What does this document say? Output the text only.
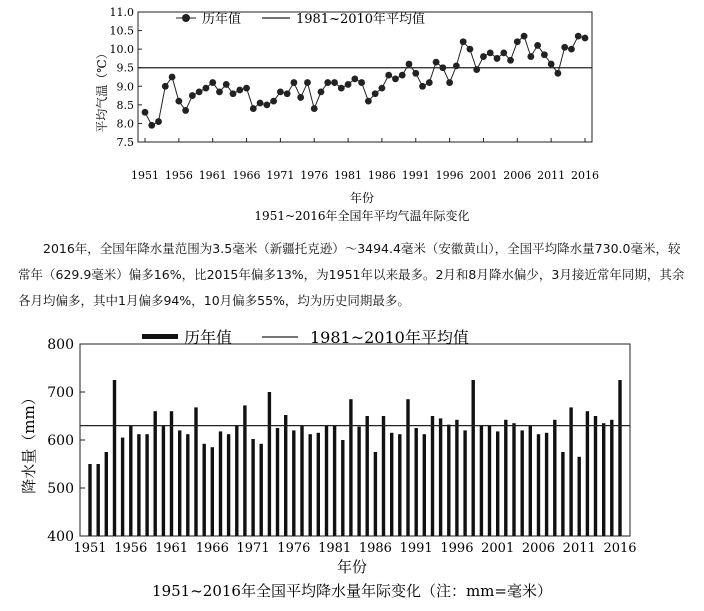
7.5
8.0
8.5
9.0
9.5
10.0
10.5
11.0
1951 1956 1961 1966 1971 1976 1981 1986 1991 1996 2001 2006 2011 2016
历年值	1981~2010年平均值
平均气温（℃）
年份
1951~2016年全国年平均气温年际变化

2016年，全国年降水量范围为3.5毫米（新疆托克逊）～3494.4毫米（安徽黄山），全国平均降水量730.0毫米，较常年（629.9毫米）偏多16%，比2015年偏多13%，为1951年以来最多。2月和8月降水偏少，3月接近常年同期，其余各月均偏多，其中1月偏多94%，10月偏多55%，均为历史同期最多。

400
500
600
700
800
1951 1956 1961 1966 1971 1976 1981 1986 1991 1996 2001 2006 2011 2016
历年值	1981~2010年平均值
降水量（mm）
年份
1951~2016年全国平均降水量年际变化（注：mm=毫米）
